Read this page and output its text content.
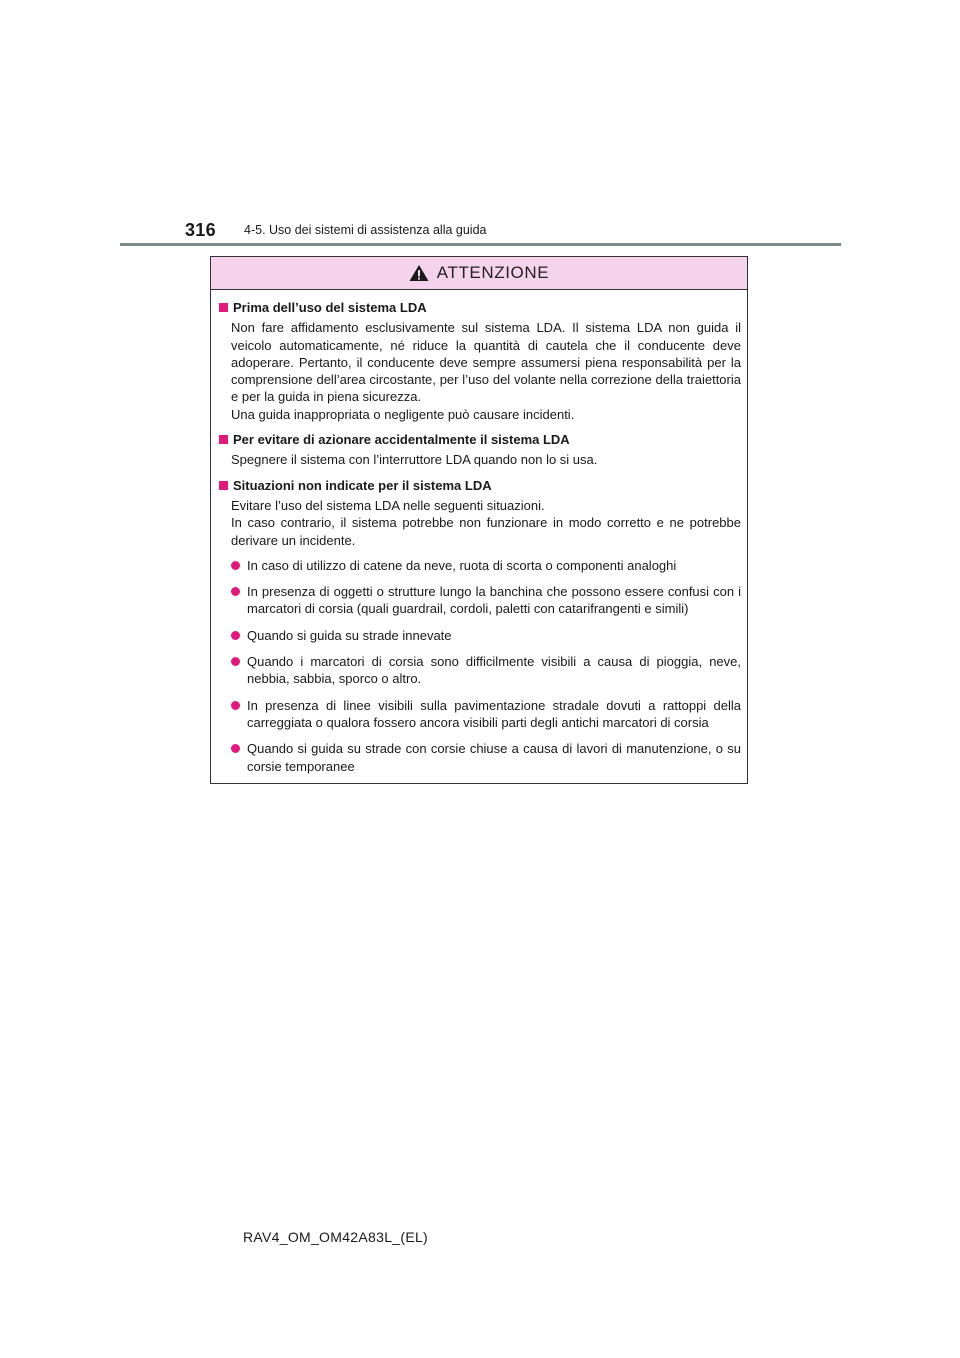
316 4-5. Uso dei sistemi di assistenza alla guida
ATTENZIONE
Prima dell’uso del sistema LDA

Non fare affidamento esclusivamente sul sistema LDA. Il sistema LDA non guida il veicolo automaticamente, né riduce la quantità di cautela che il conducente deve adoperare. Pertanto, il conducente deve sempre assumersi piena responsabilità per la comprensione dell’area circostante, per l’uso del volante nella correzione della traiettoria e per la guida in piena sicurezza.

Una guida inappropriata o negligente può causare incidenti.

Per evitare di azionare accidentalmente il sistema LDA

Spegnere il sistema con l’interruttore LDA quando non lo si usa.

Situazioni non indicate per il sistema LDA

Evitare l’uso del sistema LDA nelle seguenti situazioni.

In caso contrario, il sistema potrebbe non funzionare in modo corretto e ne potrebbe derivare un incidente.

In caso di utilizzo di catene da neve, ruota di scorta o componenti analoghi
In presenza di oggetti o strutture lungo la banchina che possono essere confusi con i marcatori di corsia (quali guardrail, cordoli, paletti con catarifrangenti e simili)
Quando si guida su strade innevate
Quando i marcatori di corsia sono difficilmente visibili a causa di pioggia, neve, nebbia, sabbia, sporco o altro.
In presenza di linee visibili sulla pavimentazione stradale dovuti a rattoppi della carreggiata o qualora fossero ancora visibili parti degli antichi marcatori di corsia
Quando si guida su strade con corsie chiuse a causa di lavori di manutenzione, o su corsie temporanee
RAV4_OM_OM42A83L_(EL)
